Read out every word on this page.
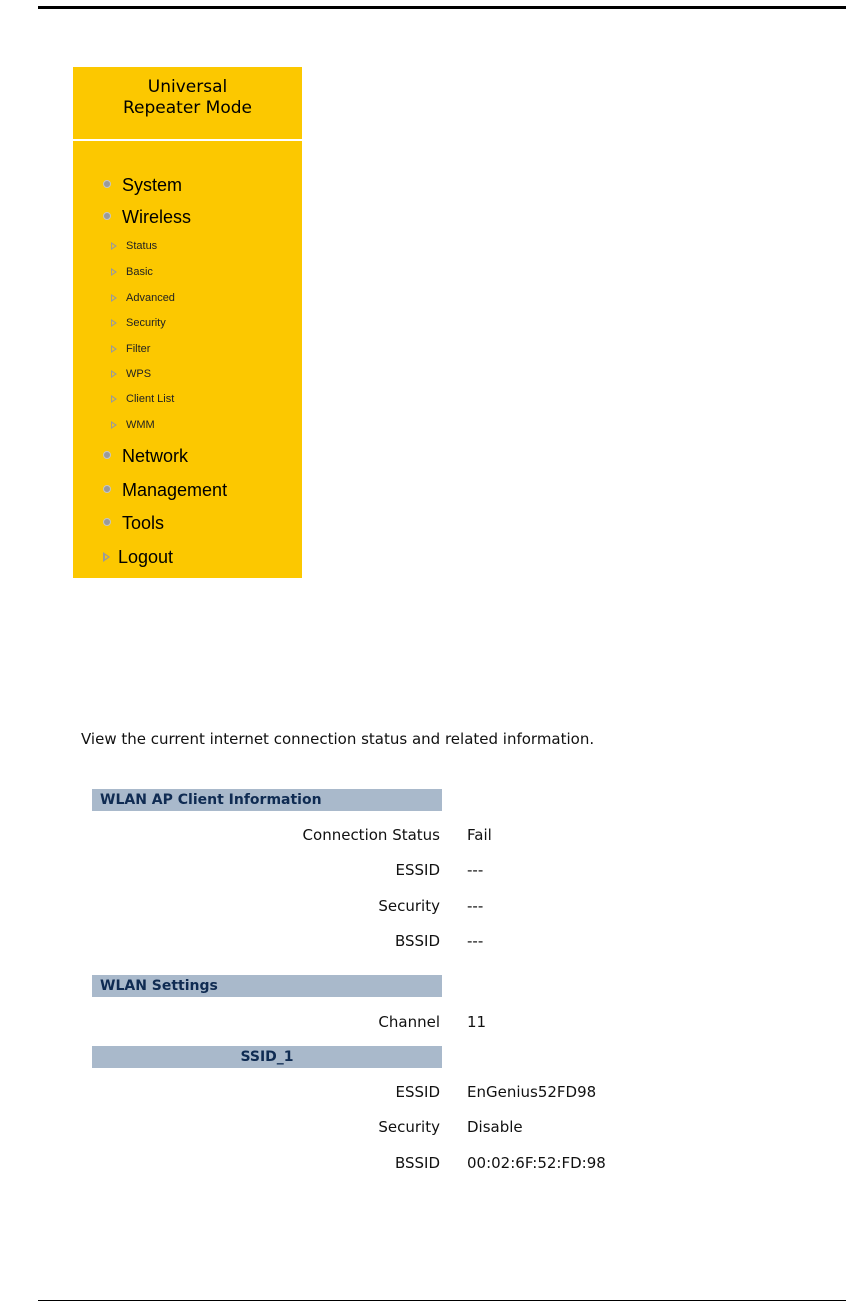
Universal
Repeater Mode
System
Wireless
Status
Basic
Advanced
Security
Filter
WPS
Client List
WMM
Network
Management
Tools
Logout
View the current internet connection status and related information.
WLAN AP Client Information
Connection Status Fail
ESSID ---
Security ---
BSSID ---
WLAN Settings
Channel 11
SSID_1
ESSID EnGenius52FD98
Security Disable
BSSID 00:02:6F:52:FD:98
